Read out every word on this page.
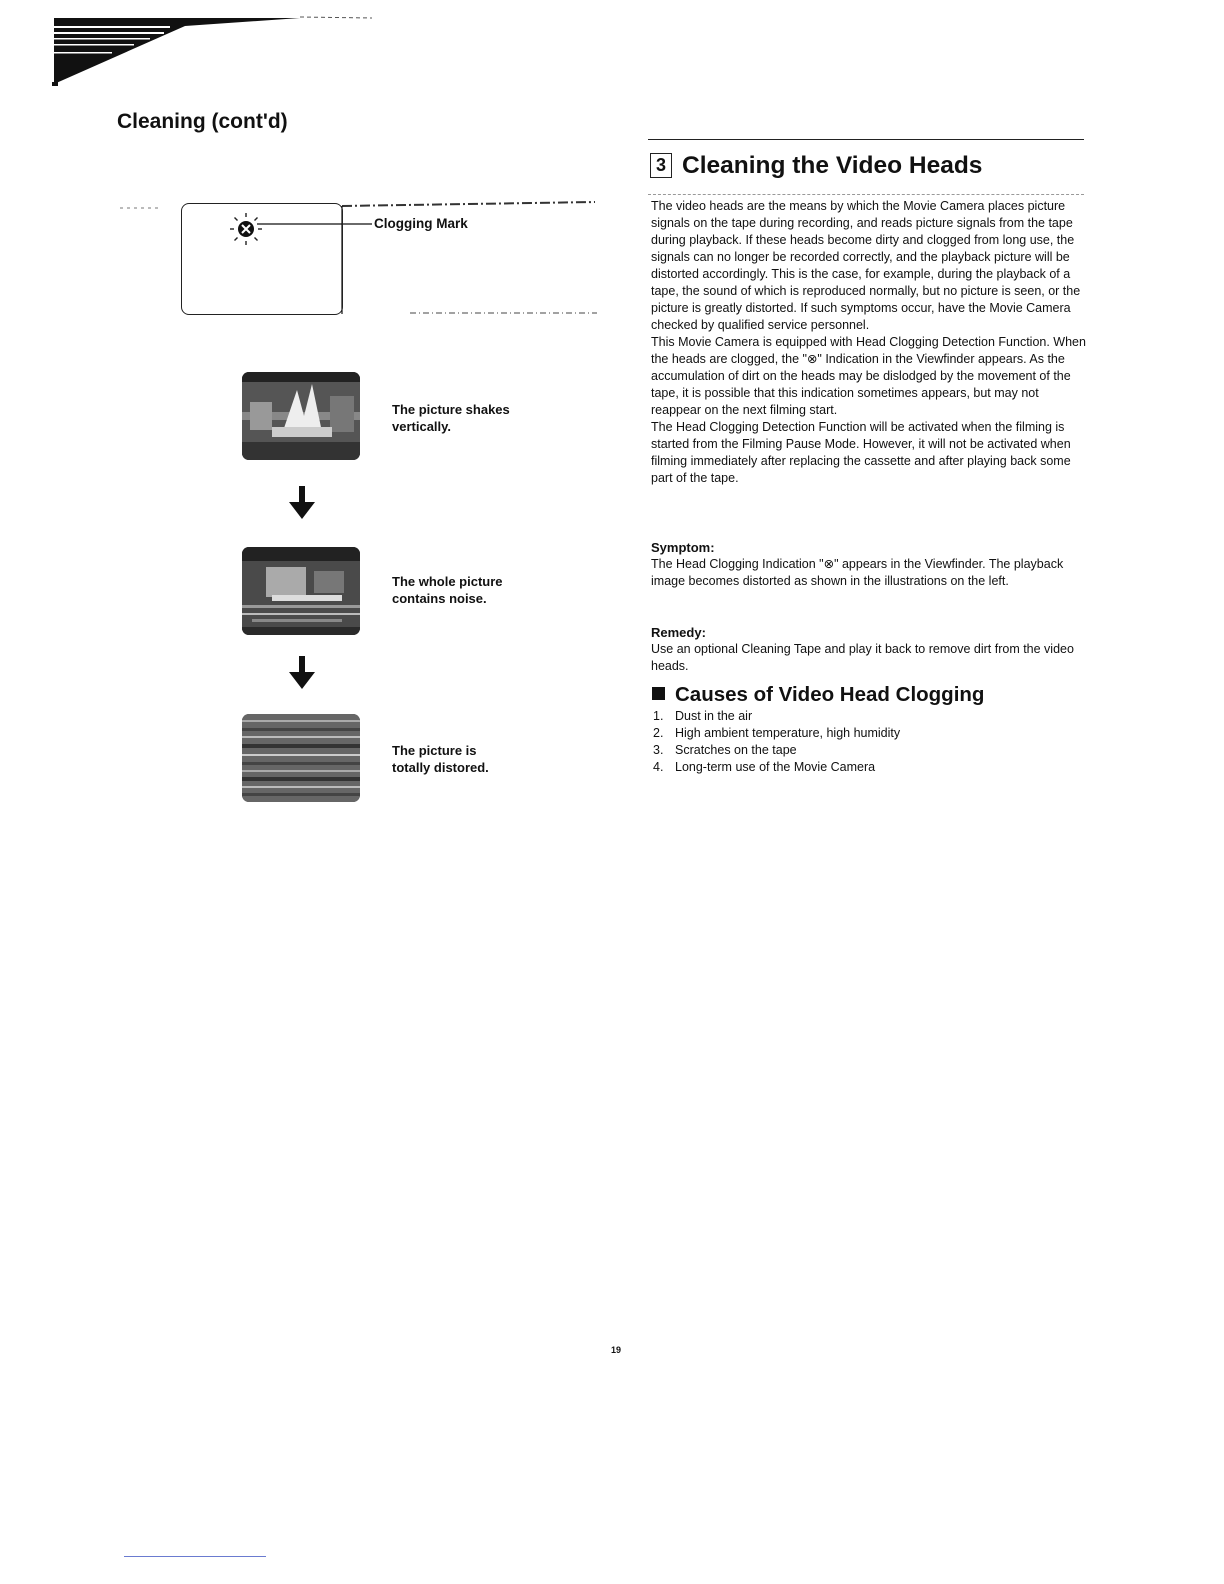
Cleaning (cont'd)
Clogging Mark
The picture shakes
vertically.
The whole picture
contains noise.
The picture is
totally distored.
3 Cleaning the Video Heads

The video heads are the means by which the Movie Camera places picture signals on the tape during recording, and reads picture signals from the tape during playback. If these heads become dirty and clogged from long use, the signals can no longer be recorded correctly, and the playback picture will be distorted accordingly. This is the case, for example, during the playback of a tape, the sound of which is reproduced normally, but no picture is seen, or the picture is greatly distorted. If such symptoms occur, have the Movie Camera checked by qualified service personnel.

This Movie Camera is equipped with Head Clogging Detection Function. When the heads are clogged, the "⊗" Indication in the Viewfinder appears. As the accumulation of dirt on the heads may be dislodged by the movement of the tape, it is possible that this indication sometimes appears, but may not reappear on the next filming start.

The Head Clogging Detection Function will be activated when the filming is started from the Filming Pause Mode. However, it will not be activated when filming immediately after replacing the cassette and after playing back some part of the tape.

Symptom:

The Head Clogging Indication "⊗" appears in the Viewfinder. The playback image becomes distorted as shown in the illustrations on the left.

Remedy:

Use an optional Cleaning Tape and play it back to remove dirt from the video heads.

Causes of Video Head Clogging
1. Dust in the air
2. High ambient temperature, high humidity
3. Scratches on the tape
4. Long-term use of the Movie Camera
19
